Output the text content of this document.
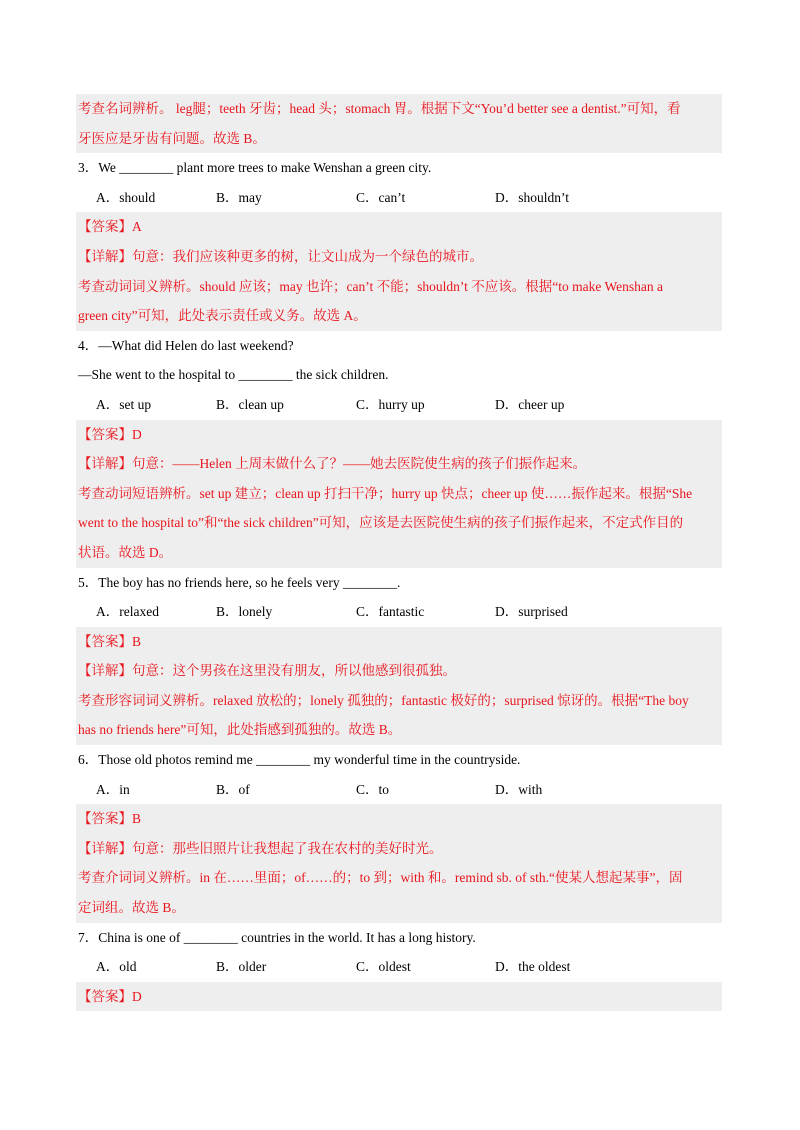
考查名词辨析。 leg腿；teeth 牙齿；head 头；stomach 胃。根据下文“You’d better see a dentist.”可知，看
牙医应是牙齿有问题。故选 B。
3．We ________ plant more trees to make Wenshan a green city.
A．should	B．may	C．can’t	D．shouldn’t
【答案】A
【详解】句意：我们应该种更多的树，让文山成为一个绿色的城市。
考查动词词义辨析。should 应该；may 也许；can’t 不能；shouldn’t 不应该。根据“to make Wenshan a
green city”可知，此处表示责任或义务。故选 A。
4．—What did Helen do last weekend?
—She went to the hospital to ________ the sick children.
A．set up	B．clean up	C．hurry up	D．cheer up
【答案】D
【详解】句意：——Helen 上周末做什么了？——她去医院使生病的孩子们振作起来。
考查动词短语辨析。set up 建立；clean up 打扫干净；hurry up 快点；cheer up 使……振作起来。根据“She
went to the hospital to”和“the sick children”可知，应该是去医院使生病的孩子们振作起来，不定式作目的
状语。故选 D。
5．The boy has no friends here, so he feels very ________.
A．relaxed	B．lonely	C．fantastic	D．surprised
【答案】B
【详解】句意：这个男孩在这里没有朋友，所以他感到很孤独。
考查形容词词义辨析。relaxed 放松的；lonely 孤独的；fantastic 极好的；surprised 惊讶的。根据“The boy
has no friends here”可知，此处指感到孤独的。故选 B。
6．Those old photos remind me ________ my wonderful time in the countryside.
A．in	B．of	C．to	D．with
【答案】B
【详解】句意：那些旧照片让我想起了我在农村的美好时光。
考查介词词义辨析。in 在……里面；of……的；to 到；with 和。remind sb. of sth.“使某人想起某事”，固
定词组。故选 B。
7．China is one of ________ countries in the world. It has a long history.
A．old	B．older	C．oldest	D．the oldest
【答案】D
